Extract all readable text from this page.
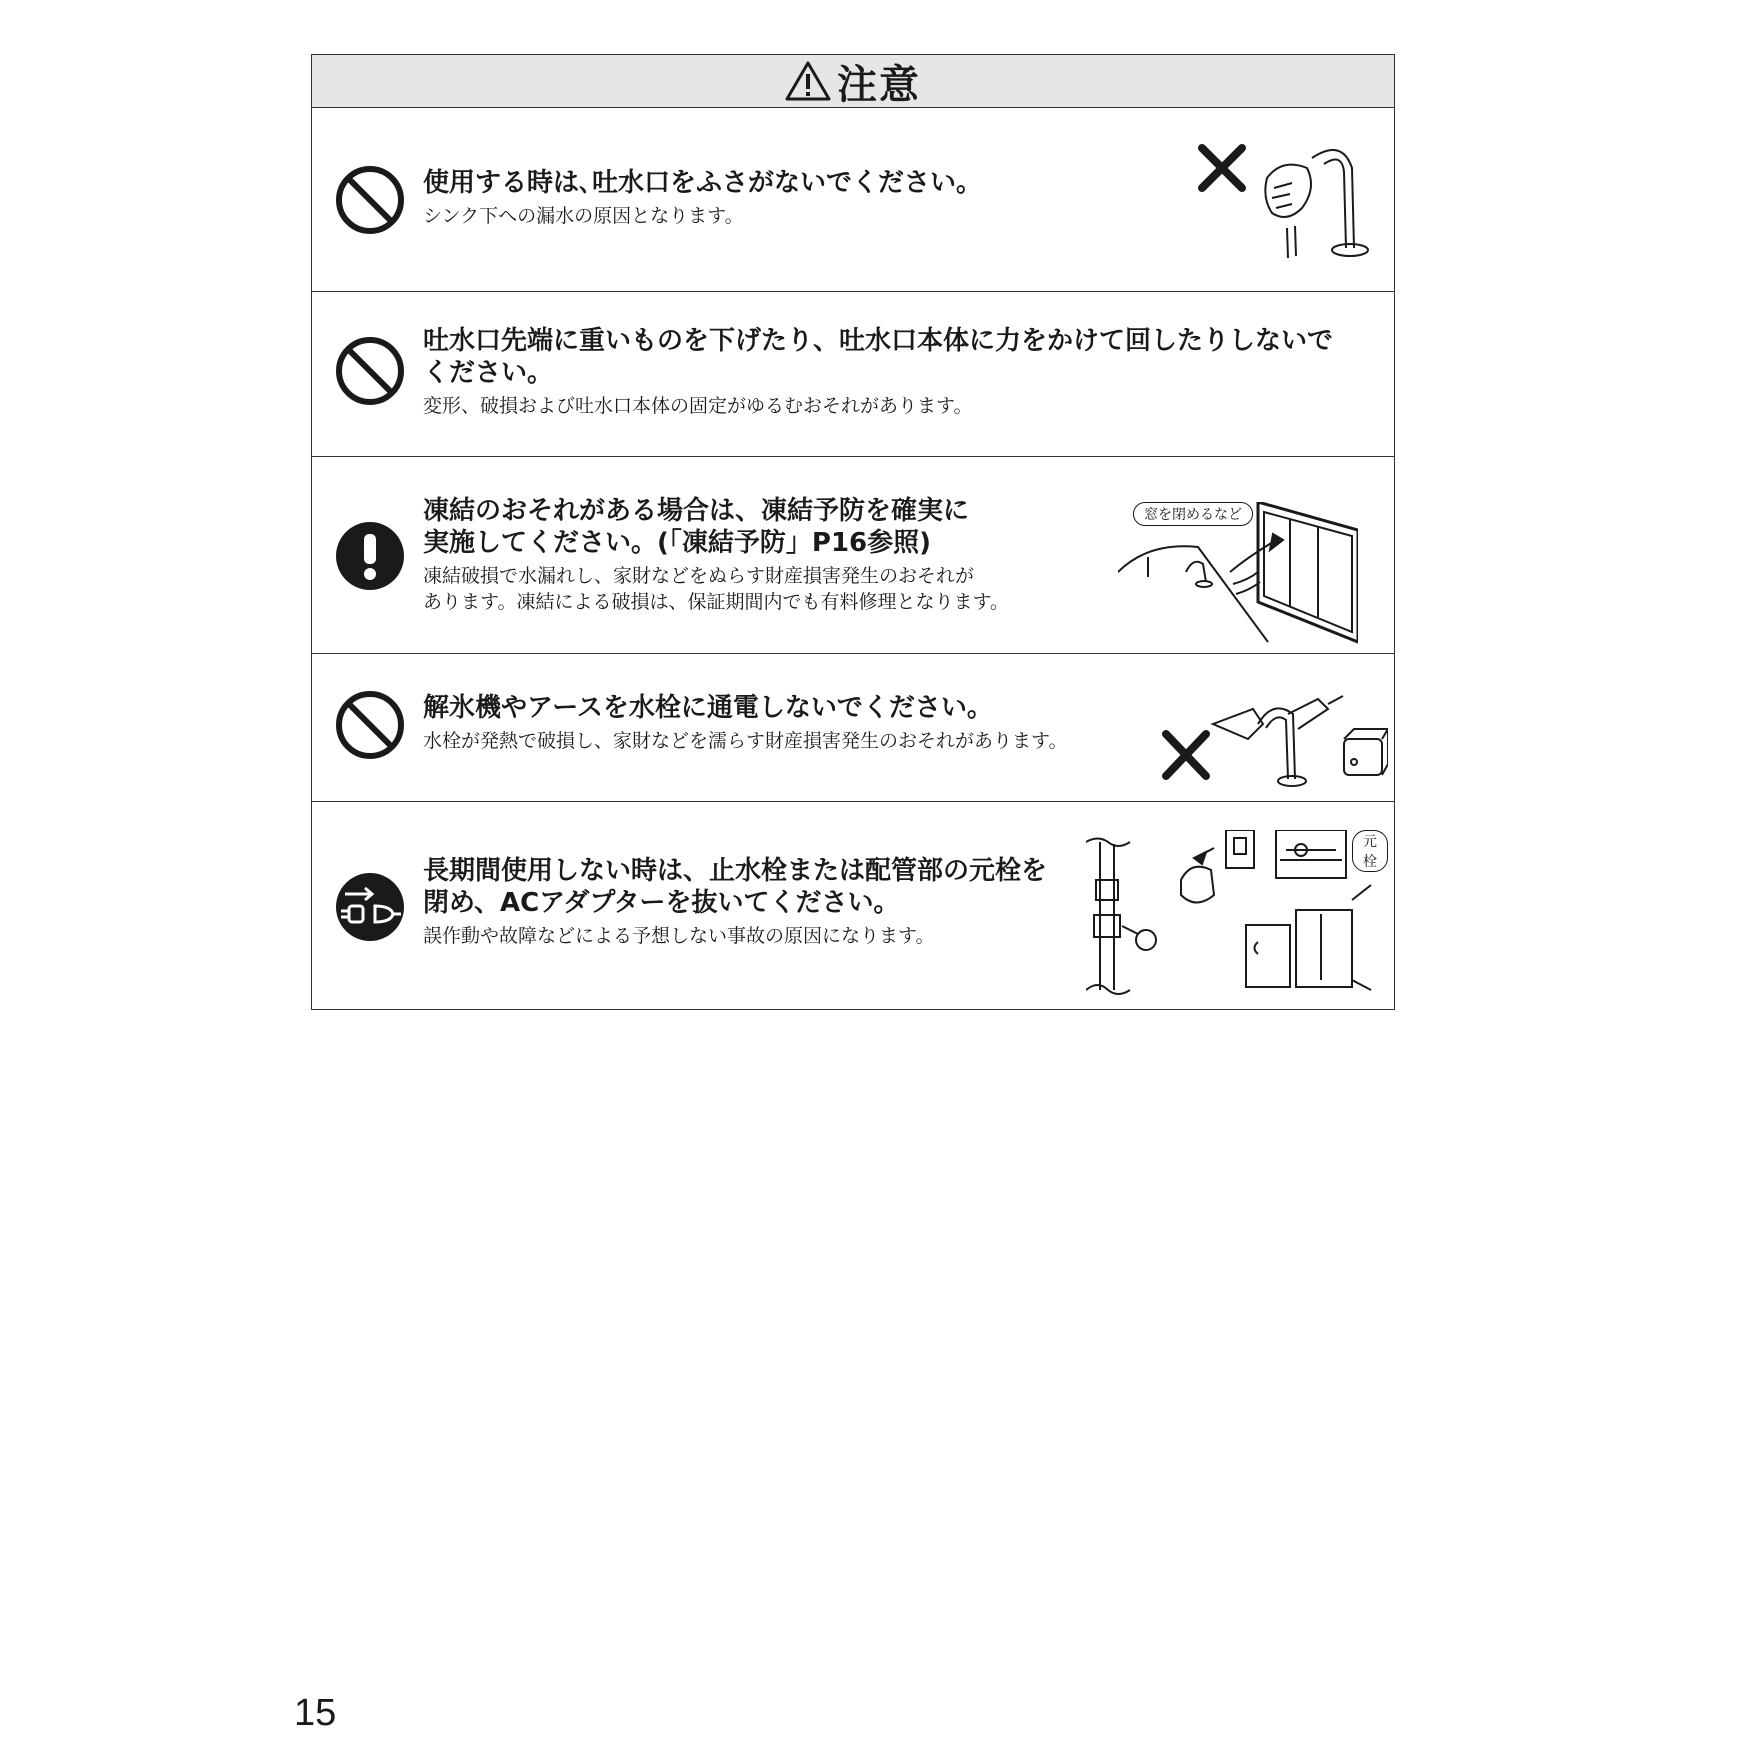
注意
使用する時は､吐水口をふさがないでください。
シンク下への漏水の原因となります。
吐水口先端に重いものを下げたり、吐水口本体に力をかけて回したりしないで
ください。
変形、破損および吐水口本体の固定がゆるむおそれがあります。
凍結のおそれがある場合は、凍結予防を確実に
実施してください。(「凍結予防」P16参照)
凍結破損で水漏れし、家財などをぬらす財産損害発生のおそれが
あります。凍結による破損は、保証期間内でも有料修理となります。
窓を閉めるなど
解氷機やアースを水栓に通電しないでください。
水栓が発熱で破損し、家財などを濡らす財産損害発生のおそれがあります。
長期間使用しない時は、止水栓または配管部の元栓を
閉め、ACアダプターを抜いてください。
誤作動や故障などによる予想しない事故の原因になります。
元栓
15
